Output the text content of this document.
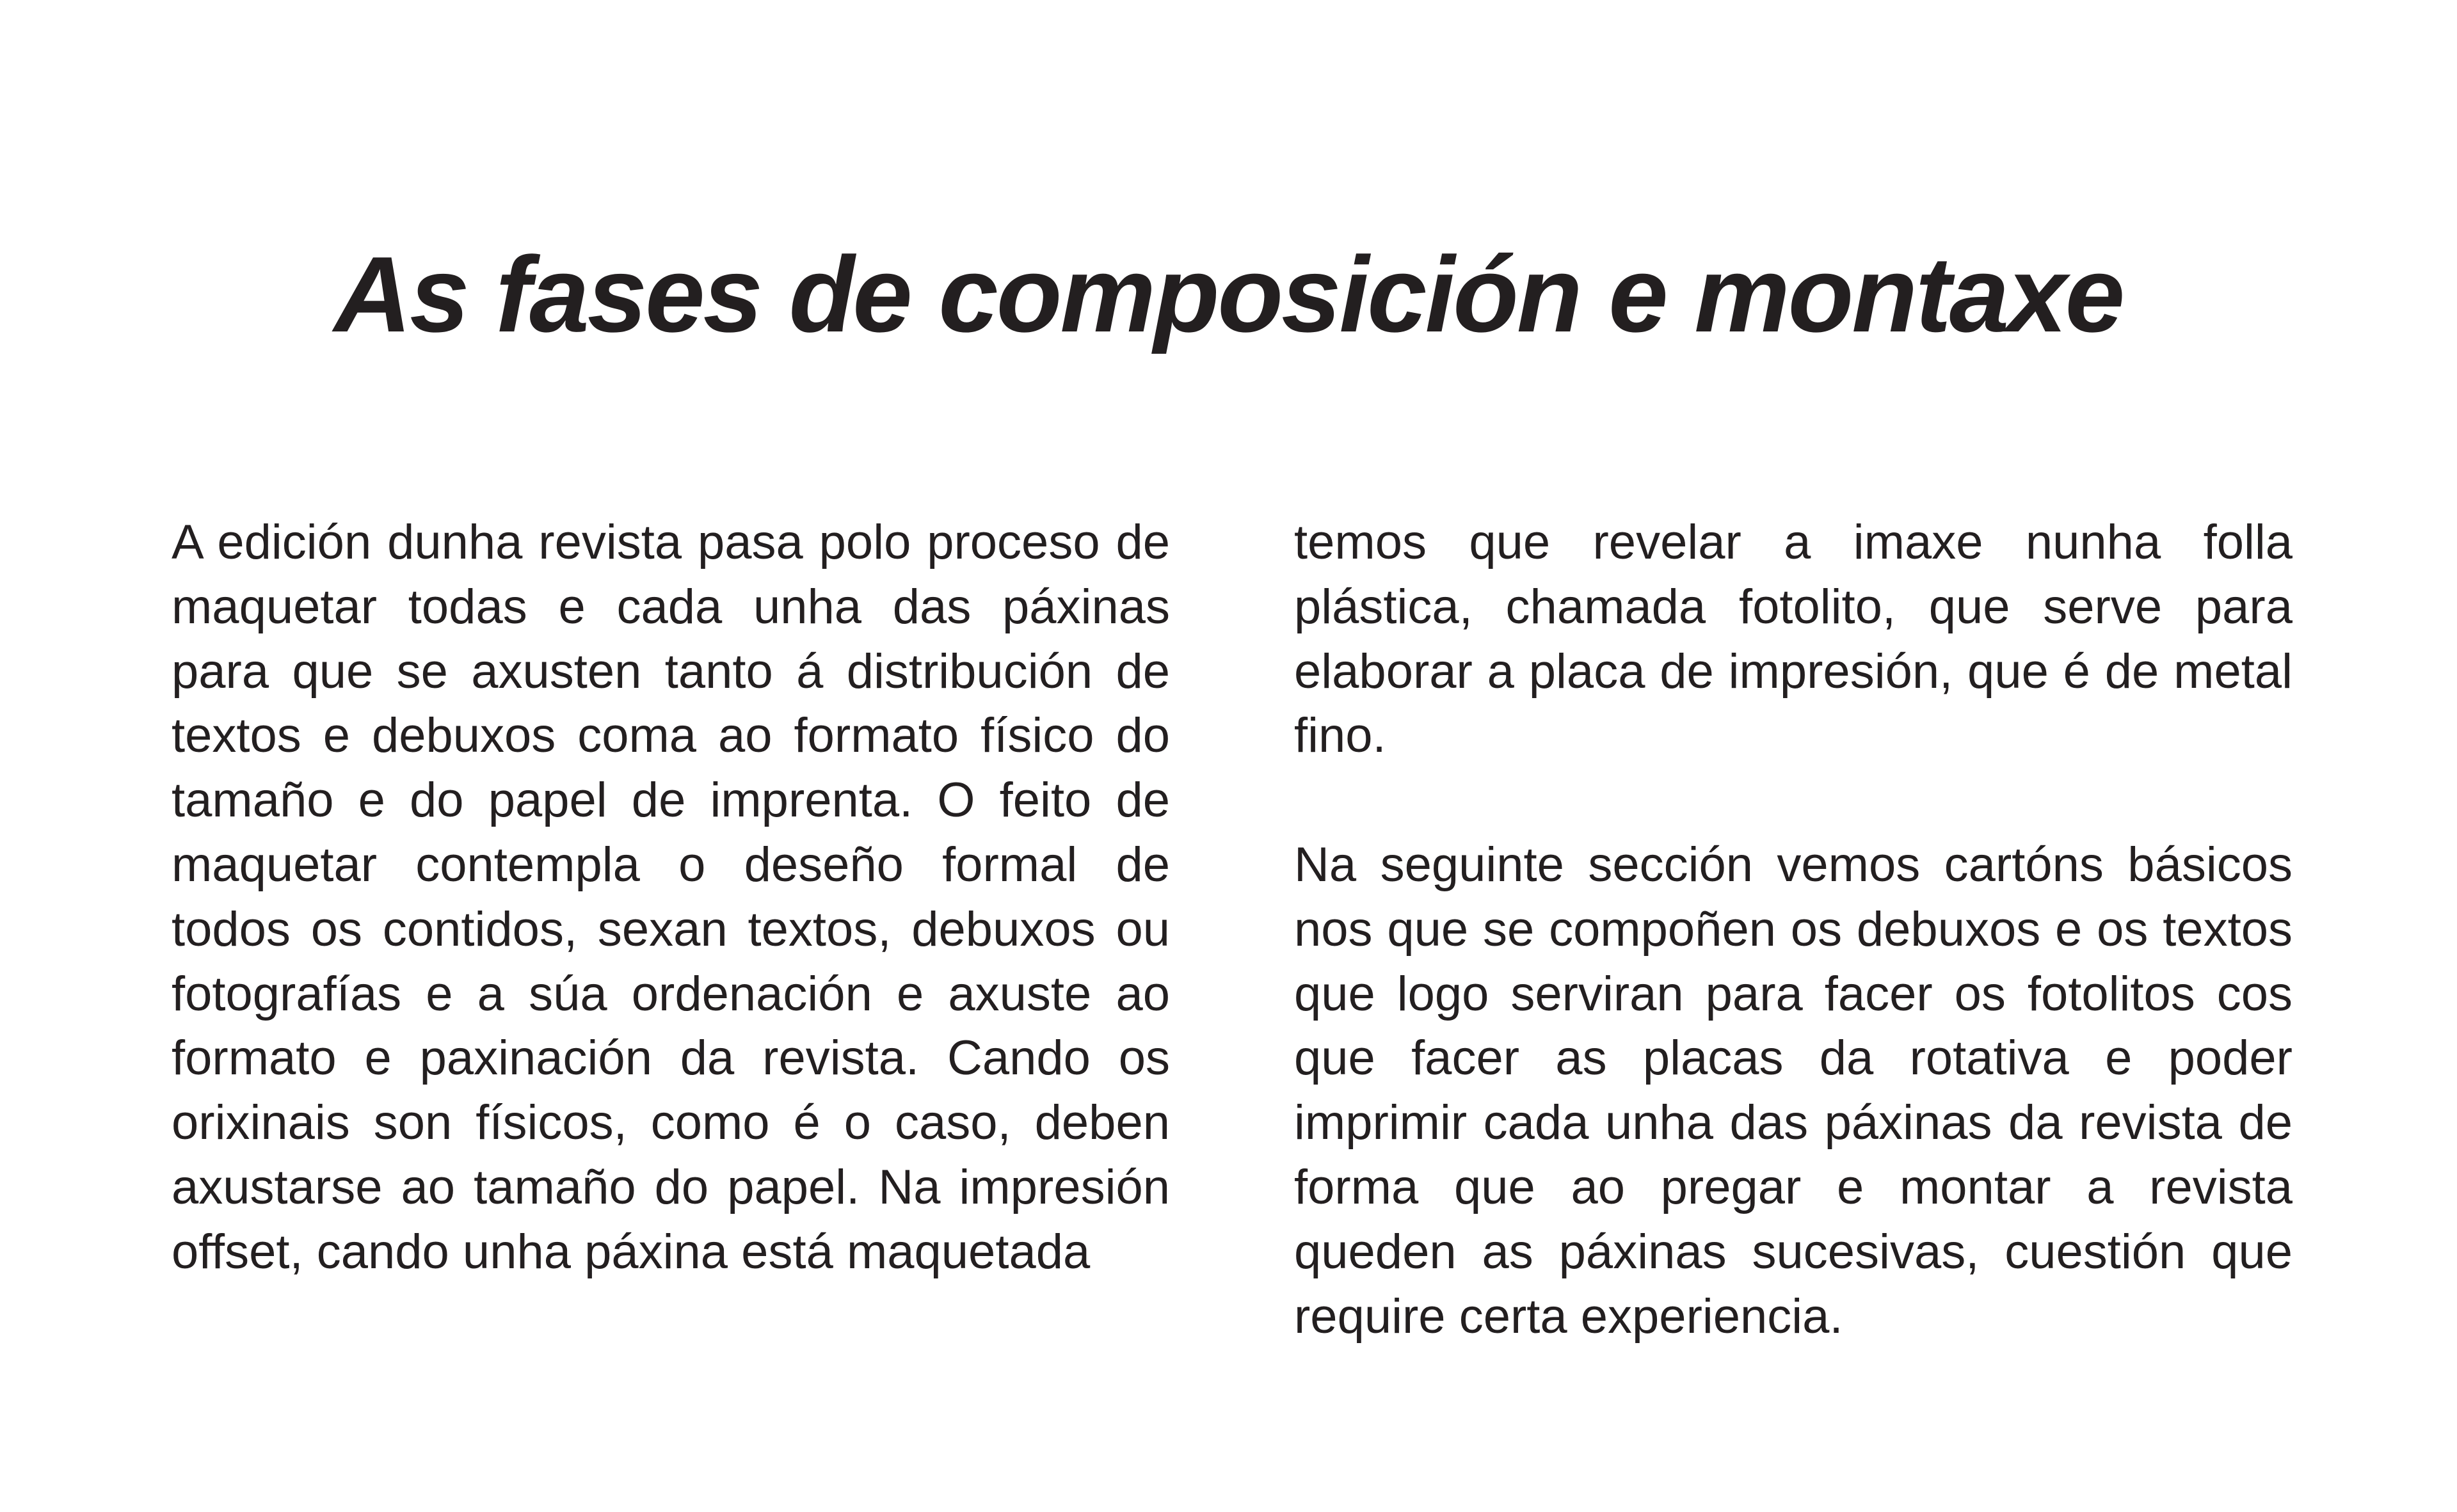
As fases de composición e montaxe

A edición dunha revista pasa polo proceso de maquetar todas e cada unha das páxinas para que se axusten tanto á distribución de textos e debuxos coma ao formato físico do tamaño e do papel de imprenta. O feito de maquetar contempla o deseño formal de todos os contidos, sexan textos, debuxos ou fotografías e a súa ordenación e axuste ao formato e paxinación da revista. Cando os orixinais son físicos, como é o caso, deben axustarse ao tamaño do papel. Na impresión offset, cando unha páxina está maquetada

temos que revelar a imaxe nunha folla plástica, chamada fotolito, que serve para elaborar a placa de impresión, que é de metal fino.

Na seguinte sección vemos cartóns básicos nos que se compoñen os debuxos e os textos que logo serviran para facer os fotolitos cos que facer as placas da rotativa e poder imprimir cada unha das páxinas da revista de forma que ao pregar e montar a revista queden as páxinas sucesivas, cuestión que require certa experiencia.
